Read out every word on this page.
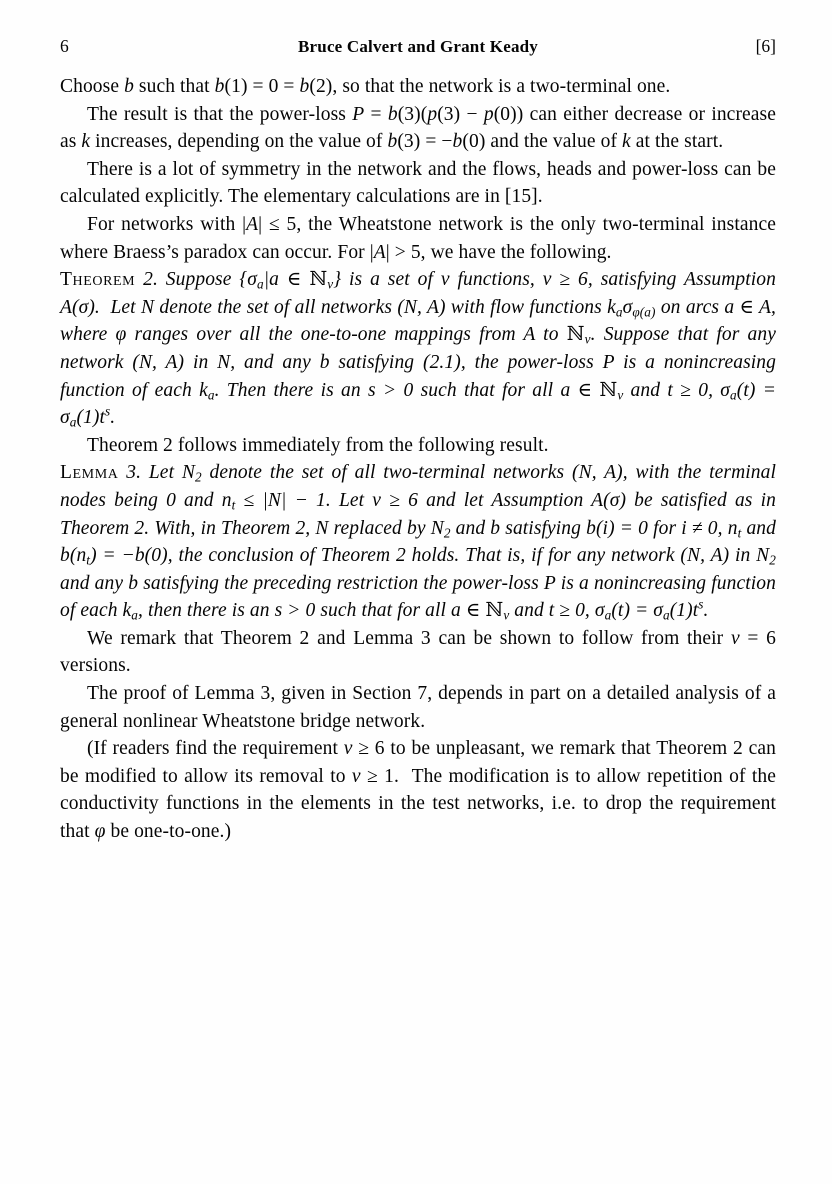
6	Bruce Calvert and Grant Keady	[6]

Choose b such that b(1) = 0 = b(2), so that the network is a two-terminal one.

The result is that the power-loss P = b(3)(p(3) − p(0)) can either decrease or increase as k increases, depending on the value of b(3) = −b(0) and the value of k at the start.

There is a lot of symmetry in the network and the flows, heads and power-loss can be calculated explicitly. The elementary calculations are in [15].

For networks with |A| ≤ 5, the Wheatstone network is the only two-terminal instance where Braess’s paradox can occur. For |A| > 5, we have the following.

Theorem 2. Suppose {$\sigma_a|a$ ∈ ℕ$_\nu$} is a set of ν functions, ν ≥ 6, satisfying Assumption A(σ).  Let N denote the set of all networks (N, A) with flow functions $k_a\sigma_{\varphi(a)}$ on arcs a ∈ A, where φ ranges over all the one-to-one mappings from A to ℕ$_\nu$. Suppose that for any network (N, A) in N, and any b satisfying (2.1), the power-loss P is a nonincreasing function of each $k_a$. Then there is an s > 0 such that for all a ∈ ℕ$_\nu$ and t ≥ 0, $\sigma_a(t) = \sigma_a(1)t^s$.

Theorem 2 follows immediately from the following result.

Lemma 3. Let $N_2$ denote the set of all two-terminal networks (N, A), with the terminal nodes being 0 and $n_t \le |N| - 1$. Let ν ≥ 6 and let Assumption A(σ) be satisfied as in Theorem 2. With, in Theorem 2, N replaced by $N_2$ and b satisfying b(i) = 0 for i ≠ 0, $n_t$ and $b(n_t) = -b(0)$, the conclusion of Theorem 2 holds. That is, if for any network (N, A) in $N_2$ and any b satisfying the preceding restriction the power-loss P is a nonincreasing function of each $k_a$, then there is an s > 0 such that for all a ∈ ℕ$_\nu$ and t ≥ 0, $\sigma_a(t) = \sigma_a(1)t^s$.

We remark that Theorem 2 and Lemma 3 can be shown to follow from their ν = 6 versions.

The proof of Lemma 3, given in Section 7, depends in part on a detailed analysis of a general nonlinear Wheatstone bridge network.

(If readers find the requirement ν ≥ 6 to be unpleasant, we remark that Theorem 2 can be modified to allow its removal to ν ≥ 1.  The modification is to allow repetition of the conductivity functions in the elements in the test networks, i.e. to drop the requirement that φ be one-to-one.)
